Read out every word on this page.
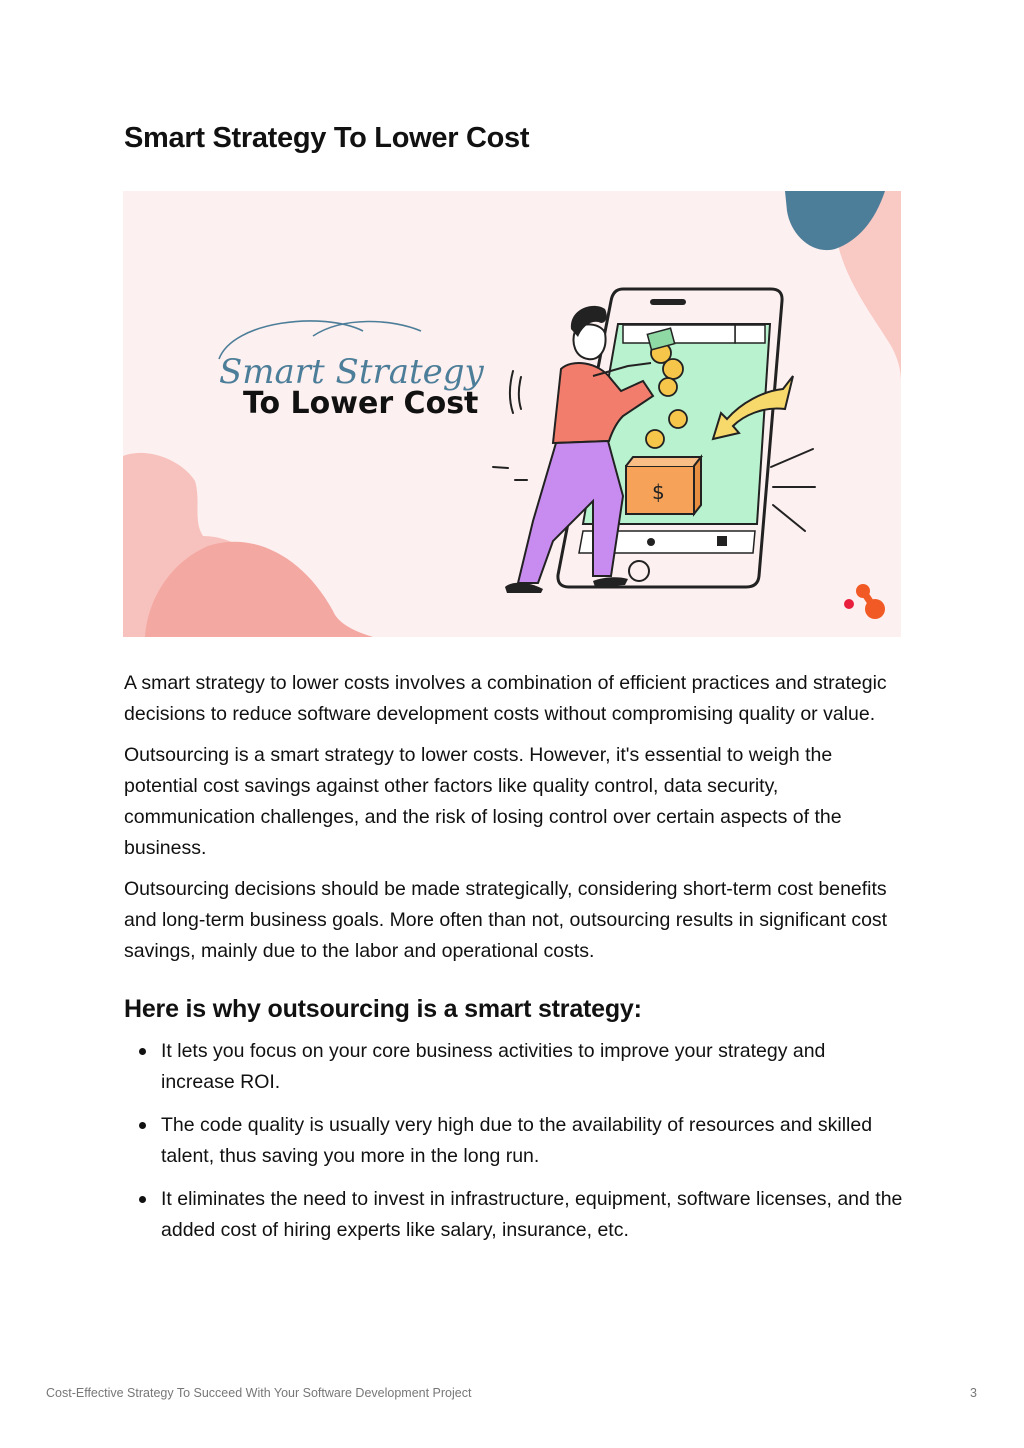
Smart Strategy To Lower Cost
Smart Strategy
To Lower Cost
$

A smart strategy to lower costs involves a combination of efficient practices and strategic decisions to reduce software development costs without compromising quality or value.

Outsourcing is a smart strategy to lower costs. However, it's essential to weigh the potential cost savings against other factors like quality control, data security, communication challenges, and the risk of losing control over certain aspects of the business.

Outsourcing decisions should be made strategically, considering short-term cost benefits and long-term business goals. More often than not, outsourcing results in significant cost savings, mainly due to the labor and operational costs.

Here is why outsourcing is a smart strategy:
It lets you focus on your core business activities to improve your strategy and increase ROI.
The code quality is usually very high due to the availability of resources and skilled talent, thus saving you more in the long run.
It eliminates the need to invest in infrastructure, equipment, software licenses, and the added cost of hiring experts like salary, insurance, etc.
Cost-Effective Strategy To Succeed With Your Software Development Project	3
